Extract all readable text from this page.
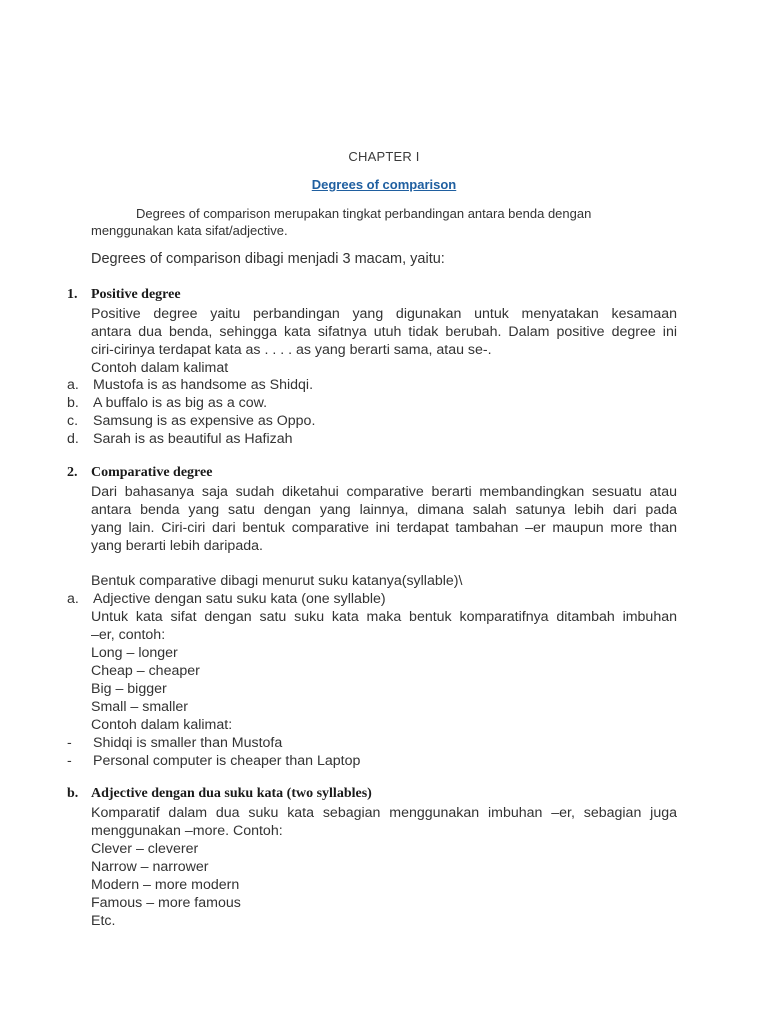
CHAPTER I
Degrees of comparison
Degrees of comparison merupakan tingkat perbandingan antara benda dengan
menggunakan kata sifat/adjective.
Degrees of comparison dibagi menjadi 3 macam, yaitu:
1. Positive degree
Positive degree yaitu perbandingan yang digunakan untuk menyatakan kesamaan
antara dua benda, sehingga kata sifatnya utuh tidak berubah. Dalam positive degree ini
ciri-cirinya terdapat kata as . . . . as yang berarti sama, atau se-.
Contoh dalam kalimat
a. Mustofa is as handsome as Shidqi.
b. A buffalo is as big as a cow.
c. Samsung is as expensive as Oppo.
d. Sarah is as beautiful as Hafizah
2. Comparative degree
Dari bahasanya saja sudah diketahui comparative berarti membandingkan sesuatu atau
antara benda yang satu dengan yang lainnya, dimana salah satunya lebih dari pada
yang lain. Ciri-ciri dari bentuk comparative ini terdapat tambahan –er maupun more than
yang berarti lebih daripada.
Bentuk comparative dibagi menurut suku katanya(syllable)\
a. Adjective dengan satu suku kata (one syllable)
Untuk kata sifat dengan satu suku kata maka bentuk komparatifnya ditambah imbuhan
–er, contoh:
Long – longer
Cheap – cheaper
Big – bigger
Small – smaller
Contoh dalam kalimat:
- Shidqi is smaller than Mustofa
- Personal computer is cheaper than Laptop
b. Adjective dengan dua suku kata (two syllables)
Komparatif dalam dua suku kata sebagian menggunakan imbuhan –er, sebagian juga
menggunakan –more. Contoh:
Clever – cleverer
Narrow – narrower
Modern – more modern
Famous – more famous
Etc.
